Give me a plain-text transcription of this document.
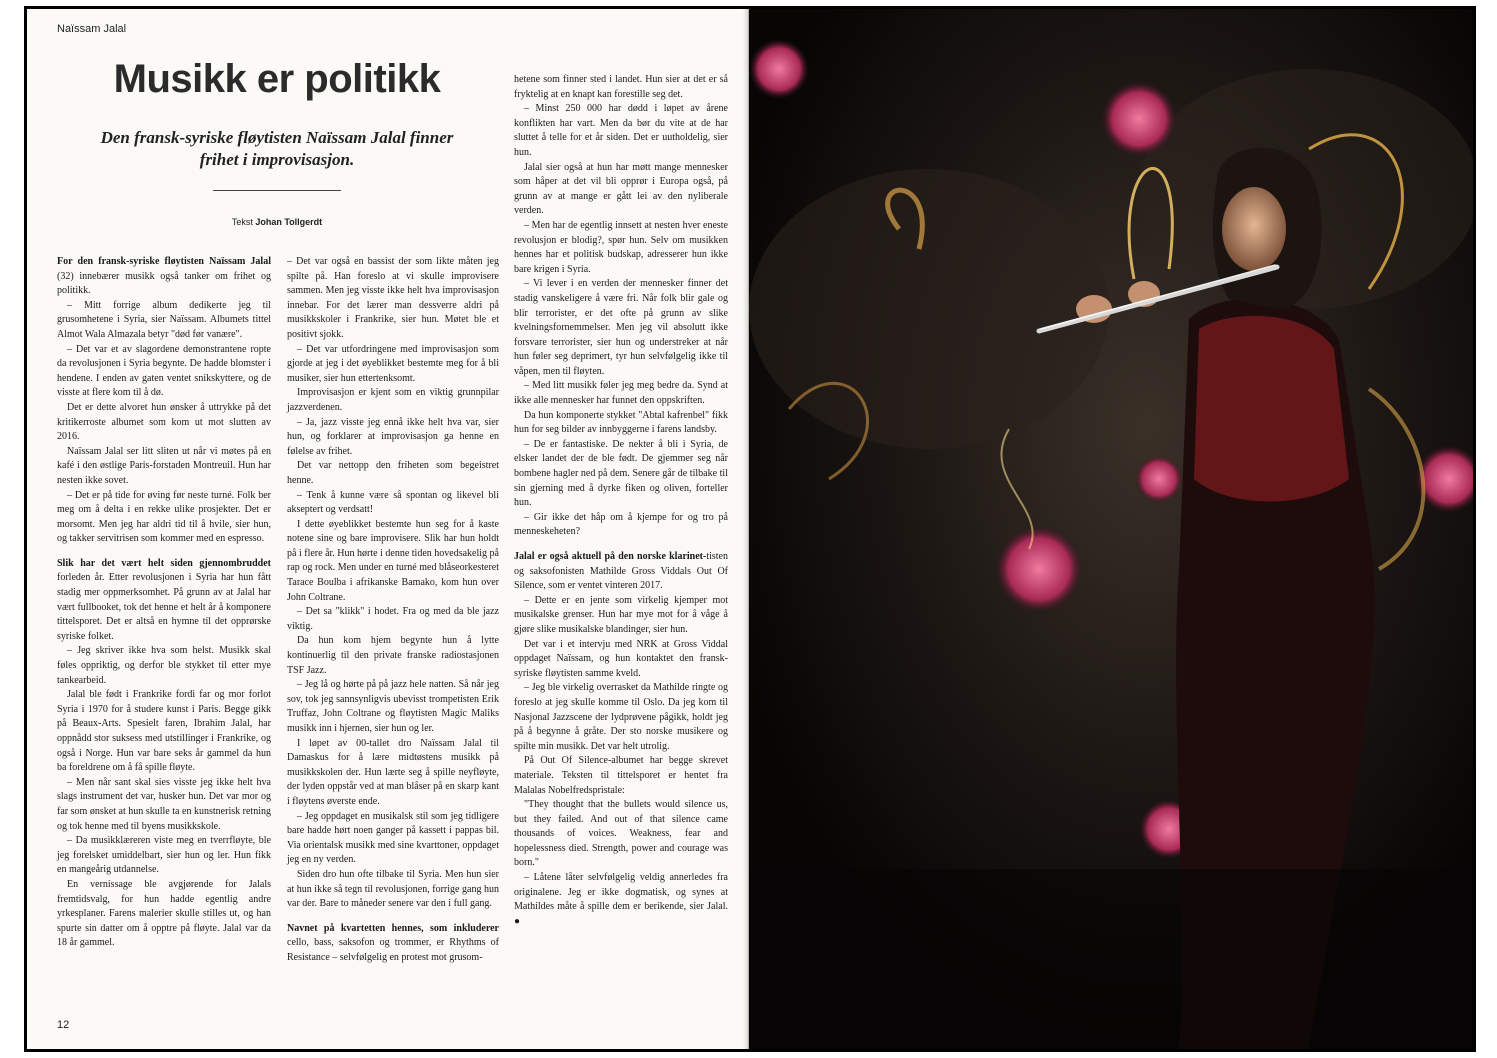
Naïssam Jalal
Musikk er politikk
Den fransk-syriske fløytisten Naïssam Jalal finner frihet i improvisasjon.
Tekst Johan Tollgerdt

For den fransk-syriske fløytisten Naïssam Jalal (32) innebærer musikk også tanker om frihet og politikk.

– Mitt forrige album dedikerte jeg til grusomhetene i Syria, sier Naïssam. Albumets tittel Almot Wala Almazala betyr "død før vanære".

– Det var et av slagordene demonstrantene ropte da revolusjonen i Syria begynte. De hadde blomster i hendene. I enden av gaten ventet snikskyttere, og de visste at flere kom til å dø.

Det er dette alvoret hun ønsker å uttrykke på det kritikerroste albumet som kom ut mot slutten av 2016.

Naïssam Jalal ser litt sliten ut når vi møtes på en kafé i den østlige Paris-forstaden Montreuil. Hun har nesten ikke sovet.

– Det er på tide for øving før neste turné. Folk ber meg om å delta i en rekke ulike prosjekter. Det er morsomt. Men jeg har aldri tid til å hvile, sier hun, og takker servitrisen som kommer med en espresso.

Slik har det vært helt siden gjennombruddet forleden år. Etter revolusjonen i Syria har hun fått stadig mer oppmerksomhet. På grunn av at Jalal har vært fullbooket, tok det henne et helt år å komponere tittelsporet. Det er altså en hymne til det opprørske syriske folket.

– Jeg skriver ikke hva som helst. Musikk skal føles oppriktig, og derfor ble stykket til etter mye tankearbeid.

Jalal ble født i Frankrike fordi far og mor forlot Syria i 1970 for å studere kunst i Paris. Begge gikk på Beaux-Arts. Spesielt faren, Ibrahim Jalal, har oppnådd stor suksess med utstillinger i Frankrike, og også i Norge. Hun var bare seks år gammel da hun ba foreldrene om å få spille fløyte.

– Men når sant skal sies visste jeg ikke helt hva slags instrument det var, husker hun. Det var mor og far som ønsket at hun skulle ta en kunstnerisk retning og tok henne med til byens musikkskole.

– Da musikklæreren viste meg en tverrfløyte, ble jeg forelsket umiddelbart, sier hun og ler. Hun fikk en mangeårig utdannelse.

En vernissage ble avgjørende for Jalals fremtidsvalg, for hun hadde egentlig andre yrkesplaner. Farens malerier skulle stilles ut, og han spurte sin datter om å opptre på fløyte. Jalal var da 18 år gammel.

– Det var også en bassist der som likte måten jeg spilte på. Han foreslo at vi skulle improvisere sammen. Men jeg visste ikke helt hva improvisasjon innebar. For det lærer man dessverre aldri på musikkskoler i Frankrike, sier hun. Møtet ble et positivt sjokk.

– Det var utfordringene med improvisasjon som gjorde at jeg i det øyeblikket bestemte meg for å bli musiker, sier hun ettertenksomt.

Improvisasjon er kjent som en viktig grunnpilar jazzverdenen.

– Ja, jazz visste jeg ennå ikke helt hva var, sier hun, og forklarer at improvisasjon ga henne en følelse av frihet.

Det var nettopp den friheten som begeistret henne.

– Tenk å kunne være så spontan og likevel bli akseptert og verdsatt!

I dette øyeblikket bestemte hun seg for å kaste notene sine og bare improvisere. Slik har hun holdt på i flere år. Hun hørte i denne tiden hovedsakelig på rap og rock. Men under en turné med blåseorkesteret Tarace Boulba i afrikanske Bamako, kom hun over John Coltrane.

– Det sa "klikk" i hodet. Fra og med da ble jazz viktig.

Da hun kom hjem begynte hun å lytte kontinuerlig til den private franske radiostasjonen TSF Jazz.

– Jeg lå og hørte på på jazz hele natten. Så når jeg sov, tok jeg sannsynligvis ubevisst trompetisten Erik Truffaz, John Coltrane og fløytisten Magic Maliks musikk inn i hjernen, sier hun og ler.

I løpet av 00-tallet dro Naïssam Jalal til Damaskus for å lære midtøstens musikk på musikkskolen der. Hun lærte seg å spille neyfløyte, der lyden oppstår ved at man blåser på en skarp kant i fløytens øverste ende.

– Jeg oppdaget en musikalsk stil som jeg tidligere bare hadde hørt noen ganger på kassett i pappas bil. Via orientalsk musikk med sine kvarttoner, oppdaget jeg en ny verden.

Siden dro hun ofte tilbake til Syria. Men hun sier at hun ikke så tegn til revolusjonen, forrige gang hun var der. Bare to måneder senere var den i full gang.

Navnet på kvartetten hennes, som inkluderer cello, bass, saksofon og trommer, er Rhythms of Resistance – selvfølgelig en protest mot grusom-

hetene som finner sted i landet. Hun sier at det er så fryktelig at en knapt kan forestille seg det.

– Minst 250 000 har dødd i løpet av årene konflikten har vart. Men da bør du vite at de har sluttet å telle for et år siden. Det er uutholdelig, sier hun.

Jalal sier også at hun har møtt mange mennesker som håper at det vil bli opprør i Europa også, på grunn av at mange er gått lei av den nyliberale verden.

– Men har de egentlig innsett at nesten hver eneste revolusjon er blodig?, spør hun. Selv om musikken hennes har et politisk budskap, adresserer hun ikke bare krigen i Syria.

– Vi lever i en verden der mennesker finner det stadig vanskeligere å være fri. Når folk blir gale og blir terrorister, er det ofte på grunn av slike kvelningsfornemmelser. Men jeg vil absolutt ikke forsvare terrorister, sier hun og understreker at når hun føler seg deprimert, tyr hun selvfølgelig ikke til våpen, men til fløyten.

– Med litt musikk føler jeg meg bedre da. Synd at ikke alle mennesker har funnet den oppskriften.

Da hun komponerte stykket "Abtal kafrenbel" fikk hun for seg bilder av innbyggerne i farens landsby.

– De er fantastiske. De nekter å bli i Syria, de elsker landet der de ble født. De gjemmer seg når bombene hagler ned på dem. Senere går de tilbake til sin gjerning med å dyrke fiken og oliven, forteller hun.

– Gir ikke det håp om å kjempe for og tro på menneskeheten?

Jalal er også aktuell på den norske klarinet-tisten og saksofonisten Mathilde Gross Viddals Out Of Silence, som er ventet vinteren 2017.

– Dette er en jente som virkelig kjemper mot musikalske grenser. Hun har mye mot for å våge å gjøre slike musikalske blandinger, sier hun.

Det var i et intervju med NRK at Gross Viddal oppdaget Naïssam, og hun kontaktet den fransk-syriske fløytisten samme kveld.

– Jeg ble virkelig overrasket da Mathilde ringte og foreslo at jeg skulle komme til Oslo. Da jeg kom til Nasjonal Jazzscene der lydprøvene pågikk, holdt jeg på å begynne å gråte. Der sto norske musikere og spilte min musikk. Det var helt utrolig.

På Out Of Silence-albumet har begge skrevet materiale. Teksten til tittelsporet er hentet fra Malalas Nobelfredspristale:

"They thought that the bullets would silence us, but they failed. And out of that silence came thousands of voices. Weakness, fear and hopelessness died. Strength, power and courage was born."

– Låtene låter selvfølgelig veldig annerledes fra originalene. Jeg er ikke dogmatisk, og synes at Mathildes måte å spille dem er berikende, sier Jalal. ●

12
